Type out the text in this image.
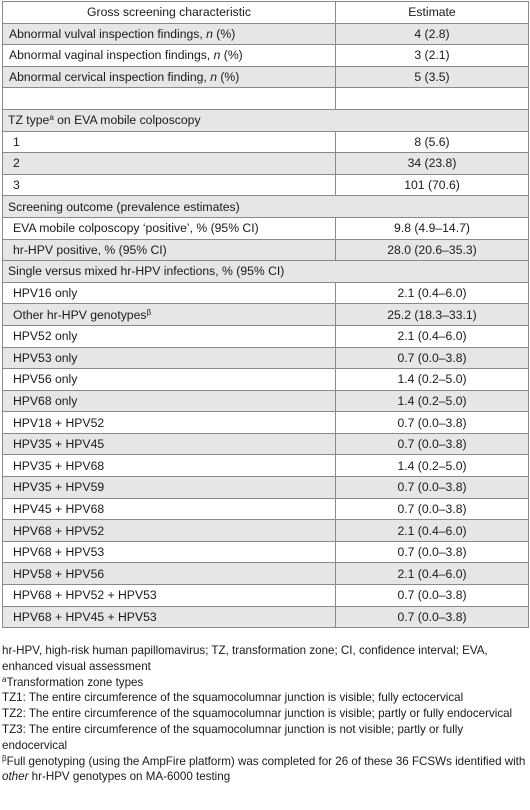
Gross screening characteristic	Estimate
Abnormal vulval inspection findings, n (%)	4 (2.8)
Abnormal vaginal inspection findings, n (%)	3 (2.1)
Abnormal cervical inspection finding, n (%)	5 (3.5)

TZ type$^a$ on EVA mobile colposcopy	
1	8 (5.6)
2	34 (23.8)
3	101 (70.6)
Screening outcome (prevalence estimates)	
EVA mobile colposcopy ‘positive’, % (95% CI)	9.8 (4.9–14.7)
hr-HPV positive, % (95% CI)	28.0 (20.6–35.3)
Single versus mixed hr-HPV infections, % (95% CI)	
HPV16 only	2.1 (0.4–6.0)
Other hr-HPV genotypes$^\beta$	25.2 (18.3–33.1)
HPV52 only	2.1 (0.4–6.0)
HPV53 only	0.7 (0.0–3.8)
HPV56 only	1.4 (0.2–5.0)
HPV68 only	1.4 (0.2–5.0)
HPV18 + HPV52	0.7 (0.0–3.8)
HPV35 + HPV45	0.7 (0.0–3.8)
HPV35 + HPV68	1.4 (0.2–5.0)
HPV35 + HPV59	0.7 (0.0–3.8)
HPV45 + HPV68	0.7 (0.0–3.8)
HPV68 + HPV52	2.1 (0.4–6.0)
HPV68 + HPV53	0.7 (0.0–3.8)
HPV58 + HPV56	2.1 (0.4–6.0)
HPV68 + HPV52 + HPV53	0.7 (0.0–3.8)
HPV68 + HPV45 + HPV53	0.7 (0.0–3.8)

hr-HPV, high-risk human papillomavirus; TZ, transformation zone; CI, confidence interval; EVA, enhanced visual assessment

$^a$Transformation zone types

TZ1: The entire circumference of the squamocolumnar junction is visible; fully ectocervical

TZ2: The entire circumference of the squamocolumnar junction is visible; partly or fully endocervical

TZ3: The entire circumference of the squamocolumnar junction is not visible; partly or fully endocervical

$^\beta$Full genotyping (using the AmpFire platform) was completed for 26 of these 36 FCSWs identified with other hr-HPV genotypes on MA-6000 testing
